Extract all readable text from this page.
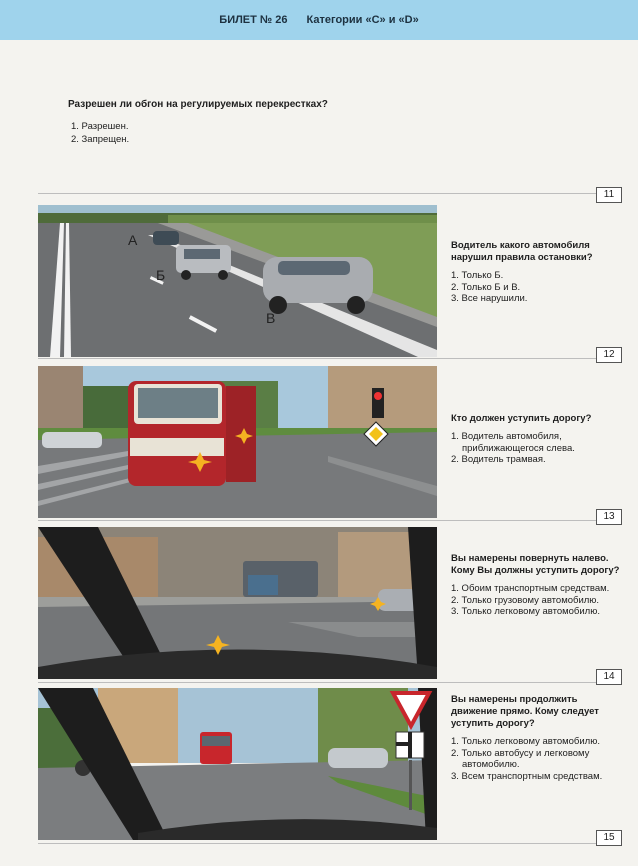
БИЛЕТ № 26 Категории «C» и «D»
Разрешен ли обгон на регулируемых перекрестках?
1. Разрешен.
2. Запрещен.
11
А
Б
В
Водитель какого автомобиля нарушил правила остановки?
1. Только Б.
2. Только Б и В.
3. Все нарушили.
12
Кто должен уступить дорогу?
1. Водитель автомобиля, приближающегося слева.
2. Водитель трамвая.
13
Вы намерены повернуть налево. Кому Вы должны уступить дорогу?
1. Обоим транспортным средствам.
2. Только грузовому автомобилю.
3. Только легковому автомобилю.
14
Вы намерены продолжить движение прямо. Кому следует уступить дорогу?
1. Только легковому автомобилю.
2. Только автобусу и легковому автомобилю.
3. Всем транспортным средствам.
15
